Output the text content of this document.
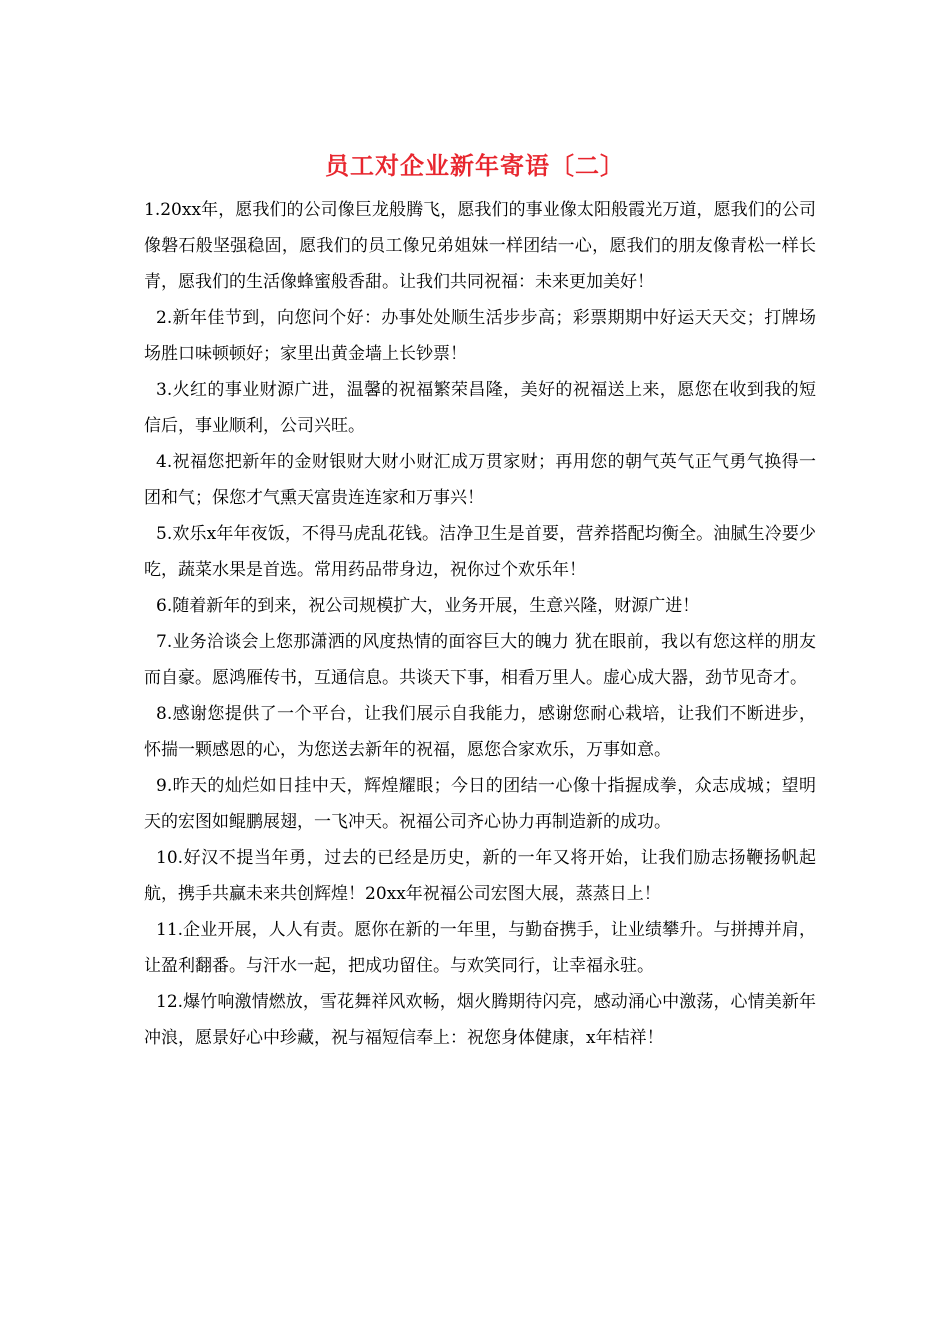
员工对企业新年寄语〔二〕

1.20xx年，愿我们的公司像巨龙般腾飞，愿我们的事业像太阳般霞光万道，愿我们的公司像磐石般坚强稳固，愿我们的员工像兄弟姐妹一样团结一心，愿我们的朋友像青松一样长青，愿我们的生活像蜂蜜般香甜。让我们共同祝福：未来更加美好！

2.新年佳节到，向您问个好：办事处处顺生活步步高；彩票期期中好运天天交；打牌场场胜口味顿顿好；家里出黄金墙上长钞票！

3.火红的事业财源广进，温馨的祝福繁荣昌隆，美好的祝福送上来，愿您在收到我的短信后，事业顺利，公司兴旺。

4.祝福您把新年的金财银财大财小财汇成万贯家财；再用您的朝气英气正气勇气换得一团和气；保您才气熏天富贵连连家和万事兴！

5.欢乐x年年夜饭，不得马虎乱花钱。洁净卫生是首要，营养搭配均衡全。油腻生冷要少吃，蔬菜水果是首选。常用药品带身边，祝你过个欢乐年！

6.随着新年的到来，祝公司规模扩大，业务开展，生意兴隆，财源广进！

7.业务洽谈会上您那潇洒的风度热情的面容巨大的魄力 犹在眼前，我以有您这样的朋友而自豪。愿鸿雁传书，互通信息。共谈天下事，相看万里人。虚心成大器，劲节见奇才。

8.感谢您提供了一个平台，让我们展示自我能力，感谢您耐心栽培，让我们不断进步，怀揣一颗感恩的心，为您送去新年的祝福，愿您合家欢乐，万事如意。

9.昨天的灿烂如日挂中天，辉煌耀眼；今日的团结一心像十指握成拳，众志成城；望明天的宏图如鲲鹏展翅，一飞冲天。祝福公司齐心协力再制造新的成功。

10.好汉不提当年勇，过去的已经是历史，新的一年又将开始，让我们励志扬鞭扬帆起航，携手共赢未来共创辉煌！20xx年祝福公司宏图大展，蒸蒸日上！

11.企业开展，人人有责。愿你在新的一年里，与勤奋携手，让业绩攀升。与拼搏并肩，让盈利翻番。与汗水一起，把成功留住。与欢笑同行，让幸福永驻。

12.爆竹响激情燃放，雪花舞祥风欢畅，烟火腾期待闪亮，感动涌心中激荡，心情美新年冲浪，愿景好心中珍藏，祝与福短信奉上：祝您身体健康，x年桔祥！
